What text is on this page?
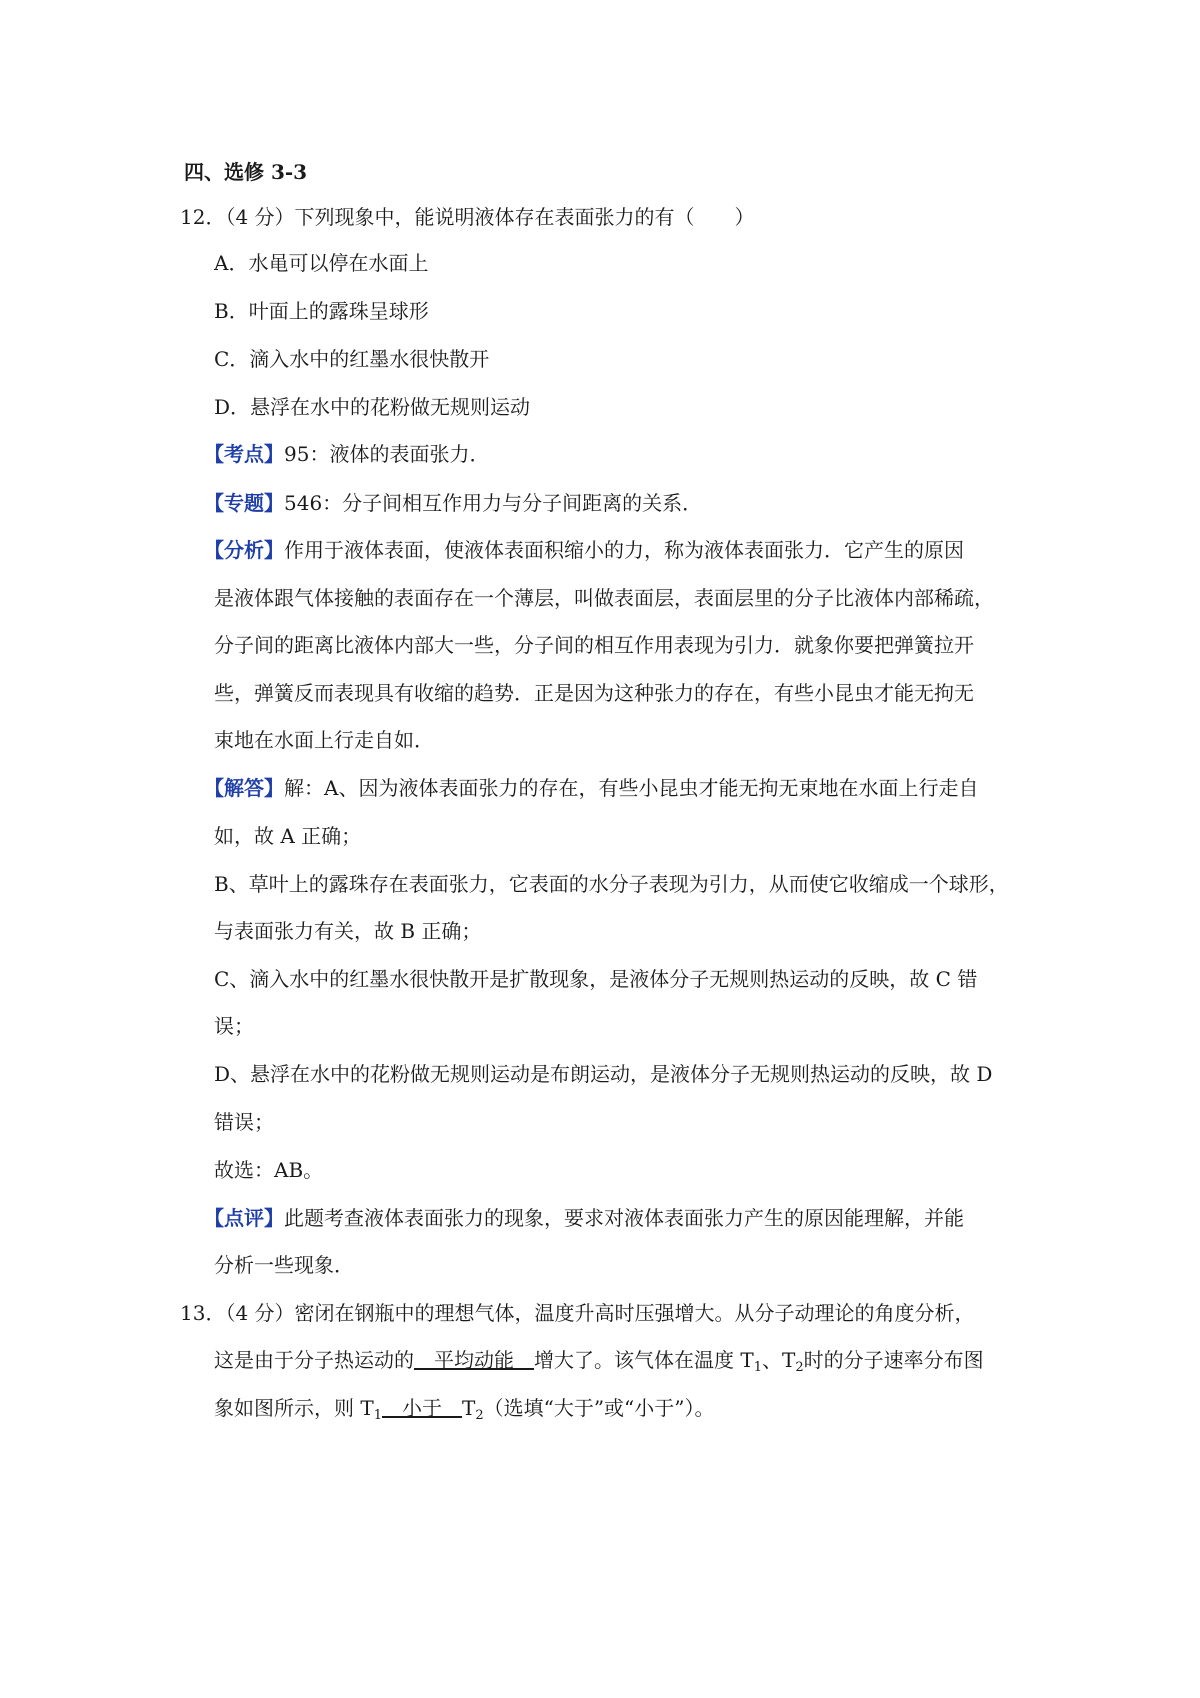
四、选修 3-3
12．（4 分）下列现象中，能说明液体存在表面张力的有（　　）
A．水黾可以停在水面上
B．叶面上的露珠呈球形
C．滴入水中的红墨水很快散开
D．悬浮在水中的花粉做无规则运动
【考点】95：液体的表面张力．
【专题】546：分子间相互作用力与分子间距离的关系．
【分析】作用于液体表面，使液体表面积缩小的力，称为液体表面张力．它产生的原因
是液体跟气体接触的表面存在一个薄层，叫做表面层，表面层里的分子比液体内部稀疏，
分子间的距离比液体内部大一些，分子间的相互作用表现为引力．就象你要把弹簧拉开
些，弹簧反而表现具有收缩的趋势．正是因为这种张力的存在，有些小昆虫才能无拘无
束地在水面上行走自如．
【解答】解：A、因为液体表面张力的存在，有些小昆虫才能无拘无束地在水面上行走自
如，故 A 正确；
B、草叶上的露珠存在表面张力，它表面的水分子表现为引力，从而使它收缩成一个球形，
与表面张力有关，故 B 正确；
C、滴入水中的红墨水很快散开是扩散现象，是液体分子无规则热运动的反映，故 C 错
误；
D、悬浮在水中的花粉做无规则运动是布朗运动，是液体分子无规则热运动的反映，故 D
错误；
故选：AB。
【点评】此题考查液体表面张力的现象，要求对液体表面张力产生的原因能理解，并能
分析一些现象．
13．（4 分）密闭在钢瓶中的理想气体，温度升高时压强增大。从分子动理论的角度分析，
这是由于分子热运动的　平均动能　增大了。该气体在温度 $T_1$、$T_2$时的分子速率分布图
象如图所示，则 $T_1$　小于　$T_2$（选填“大于”或“小于”）。
